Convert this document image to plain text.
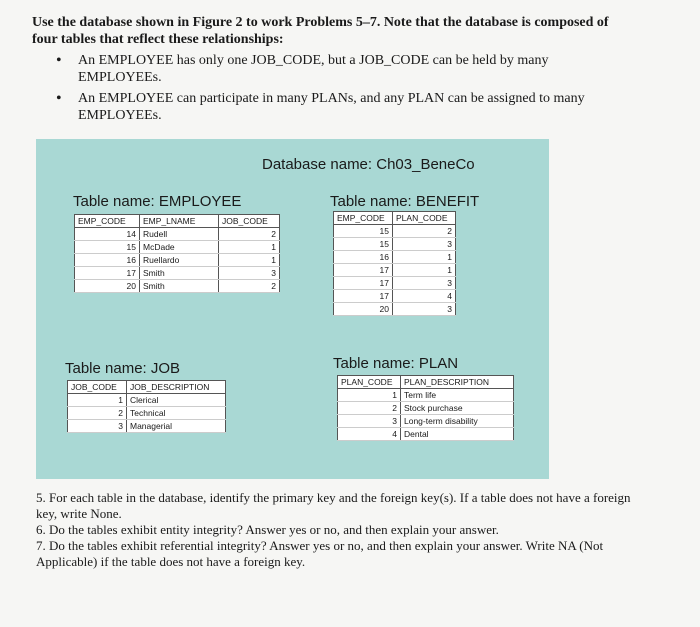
Use the database shown in Figure 2 to work Problems 5–7. Note that the database is composed of four tables that reflect these relationships:
• An EMPLOYEE has only one JOB_CODE, but a JOB_CODE can be held by many EMPLOYEEs.
• An EMPLOYEE can participate in many PLANs, and any PLAN can be assigned to many EMPLOYEEs.
Database name: Ch03_BeneCo
Table name: EMPLOYEE
EMP_CODE	EMP_LNAME	JOB_CODE
14	Rudell	2
15	McDade	1
16	Ruellardo	1
17	Smith	3
20	Smith	2
Table name: BENEFIT
EMP_CODE	PLAN_CODE
15	2
15	3
16	1
17	1
17	3
17	4
20	3
Table name: JOB
JOB_CODE	JOB_DESCRIPTION
1	Clerical
2	Technical
3	Managerial
Table name: PLAN
PLAN_CODE	PLAN_DESCRIPTION
1	Term life
2	Stock purchase
3	Long-term disability
4	Dental

5. For each table in the database, identify the primary key and the foreign key(s). If a table does not have a foreign key, write None.

6. Do the tables exhibit entity integrity? Answer yes or no, and then explain your answer.

7. Do the tables exhibit referential integrity? Answer yes or no, and then explain your answer. Write NA (Not Applicable) if the table does not have a foreign key.
